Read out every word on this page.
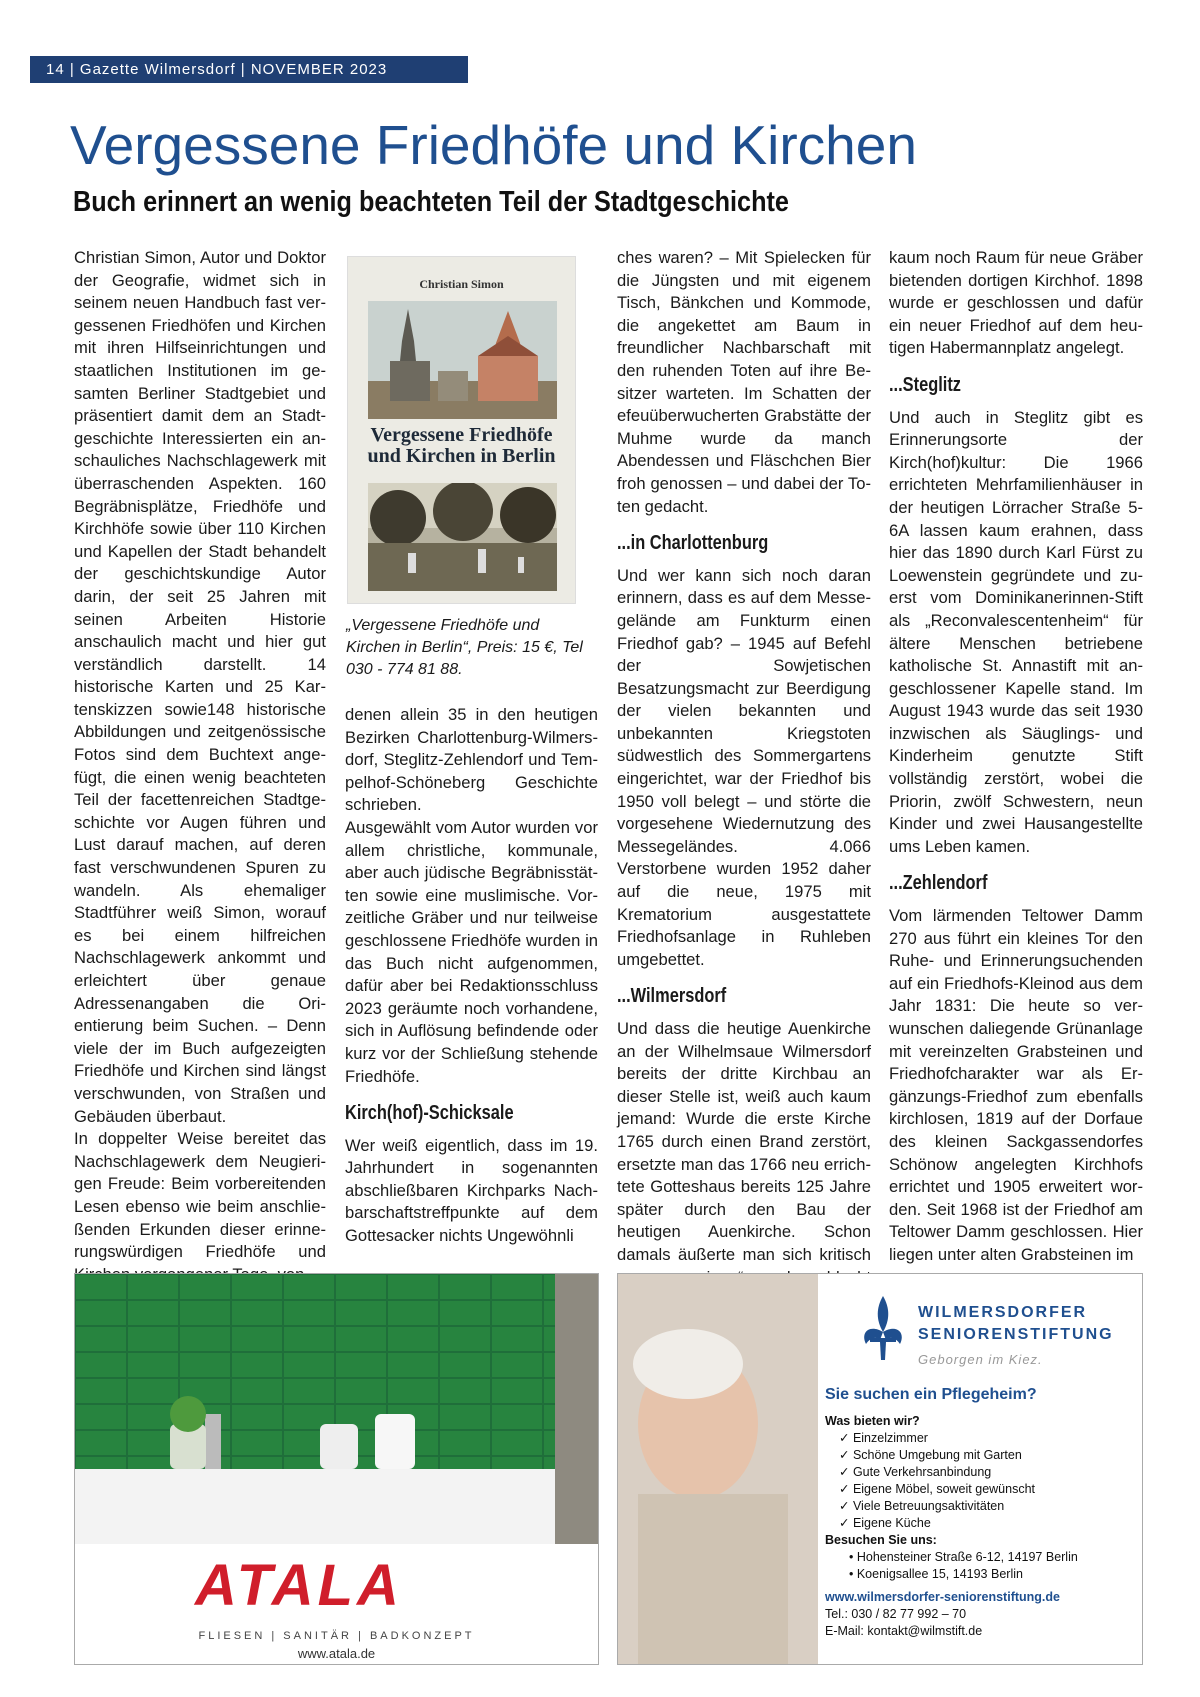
14 | Gazette Wilmersdorf | NOVEMBER 2023
Vergessene Friedhöfe und Kirchen
Buch erinnert an wenig beachteten Teil der Stadtgeschichte

Christian Simon, Autor und Doktor der Geografie, widmet sich in seinem neuen Handbuch fast vergessenen Friedhöfen und Kirchen mit ihren Hilfseinrichtungen und staatlichen Institutionen im gesamten Berliner Stadtgebiet und präsentiert damit dem an Stadtgeschichte Interessierten ein anschauliches Nachschlagewerk mit überraschenden Aspekten. 160 Begräbnisplätze, Friedhöfe und Kirchhöfe sowie über 110 Kirchen und Kapellen der Stadt behandelt der geschichtskundige Autor darin, der seit 25 Jahren mit seinen Arbeiten Historie anschaulich macht und hier gut verständlich darstellt. 14 historische Karten und 25 Kartenskizzen sowie148 historische Abbildungen und zeitgenössische Fotos sind dem Buchtext angefügt, die einen wenig beachteten Teil der facettenreichen Stadtgeschichte vor Augen führen und Lust darauf machen, auf deren fast verschwundenen Spuren zu wandeln. Als ehemaliger Stadtführer weiß Simon, worauf es bei einem hilfreichen Nachschlagewerk ankommt und erleichtert über genaue Adressenangaben die Orientierung beim Suchen. – Denn viele der im Buch aufgezeigten Friedhöfe und Kirchen sind längst verschwunden, von Straßen und Gebäuden überbaut.

In doppelter Weise bereitet das Nachschlagewerk dem Neugierigen Freude: Beim vorbereitenden Lesen ebenso wie beim anschließenden Erkunden dieser erinnerungswürdigen Friedhöfe und

Christian Simon
Vergessene Friedhöfe
und Kirchen in Berlin
„Vergessene Friedhöfe und Kirchen in Berlin“, Preis: 15 €, Tel 030 - 774 81 88.

denen allein 35 in den heutigen Bezirken Charlottenburg-Wilmersdorf, Steglitz-Zehlendorf und Tempelhof-Schöneberg Geschichte schrieben.

Ausgewählt vom Autor wurden vor allem christliche, kommunale, aber auch jüdische Begräbnisstätten sowie eine muslimische. Vorzeitliche Gräber und nur teilweise geschlossene Friedhöfe wurden in das Buch nicht aufgenommen, dafür aber bei Redaktionsschluss 2023 geräumte noch vorhandene, sich in Auflösung befindende oder kurz vor der Schließung stehende Friedhöfe.

Kirch(hof)-Schicksale

Wer weiß eigentlich, dass im 19. Jahrhundert in sogenannten abschließbaren Kirchparks Nachbarschaftstreffpunkte auf dem Gottesacker nichts Ungewöhnli

ches waren? – Mit Spielecken für die Jüngsten und mit eigenem Tisch, Bänkchen und Kommode, die angekettet am Baum in freundlicher Nachbarschaft mit den ruhenden Toten auf ihre Besitzer warteten. Im Schatten der efeuüberwucherten Grabstätte der Muhme wurde da manch Abendessen und Fläschchen Bier froh genossen – und dabei der Toten gedacht.

...in Charlottenburg

Und wer kann sich noch daran erinnern, dass es auf dem Messegelände am Funkturm einen Friedhof gab? – 1945 auf Befehl der Sowjetischen Besatzungsmacht zur Beerdigung der vielen bekannten und unbekannten Kriegstoten südwestlich des Sommergartens eingerichtet, war der Friedhof bis 1950 voll belegt – und störte die vorgesehene Wiedernutzung des Messegeländes. 4.066 Verstorbene wurden 1952 daher auf die neue, 1975 mit Krematorium ausgestattete Friedhofsanlage in Ruhleben umgebettet.

...Wilmersdorf

Und dass die heutige Auenkirche an der Wilhelmsaue Wilmersdorf bereits der dritte Kirchbau an dieser Stelle ist, weiß auch kaum jemand: Wurde die erste Kirche 1765 durch einen Brand zerstört, ersetzte man das 1766 neu errichtete Gotteshaus bereits 125 Jahre später durch den Bau der heutigen Auenkirche. Schon damals äußerte man sich kritisch

kaum noch Raum für neue Gräber bietenden dortigen Kirchhof. 1898 wurde er geschlossen und dafür ein neuer Friedhof auf dem heutigen Habermannplatz angelegt.

...Steglitz

Und auch in Steglitz gibt es Erinnerungsorte der Kirch(hof)kultur: Die 1966 errichteten Mehrfamilienhäuser in der heutigen Lörracher Straße 5-6A lassen kaum erahnen, dass hier das 1890 durch Karl Fürst zu Loewenstein gegründete und zuerst vom Dominikanerinnen-Stift als „Reconvalescentenheim“ für ältere Menschen betriebene katholische St. Annastift mit angeschlossener Kapelle stand. Im August 1943 wurde das seit 1930 inzwischen als Säuglings- und Kinderheim genutzte Stift vollständig zerstört, wobei die Priorin, zwölf Schwestern, neun Kinder und zwei Hausangestellte ums Leben kamen.

...Zehlendorf

Vom lärmenden Teltower Damm 270 aus führt ein kleines Tor den Ruhe- und Erinnerungsuchenden auf ein Friedhofs-Kleinod aus dem Jahr 1831: Die heute so verwunschen daliegende Grünanlage mit vereinzelten Grabsteinen und Friedhofcharakter war als Ergänzungs-Friedhof zum ebenfalls kirchlosen, 1819 auf der Dorfaue des kleinen Sackgassendorfes Schönow angelegten Kirchhofs errichtet und 1905 erweitert worden. Seit 1968 ist der Friedhof am Teltower Damm geschlossen. Hier liegen unter alten Grabsteinen im

ATALA
FLIESEN | SANITÄR | BADKONZEPT
www.atala.de
WILMERSDORFER
SENIORENSTIFTUNG
Geborgen im Kiez.
Sie suchen ein Pflegeheim?
Was bieten wir?
✓ Einzelzimmer
✓ Schöne Umgebung mit Garten
✓ Gute Verkehrsanbindung
✓ Eigene Möbel, soweit gewünscht
✓ Viele Betreuungsaktivitäten
✓ Eigene Küche
Besuchen Sie uns:
• Hohensteiner Straße 6-12, 14197 Berlin
• Koenigsallee 15, 14193 Berlin
www.wilmersdorfer-seniorenstiftung.de
Tel.: 030 / 82 77 992 – 70
E-Mail: kontakt@wilmstift.de
